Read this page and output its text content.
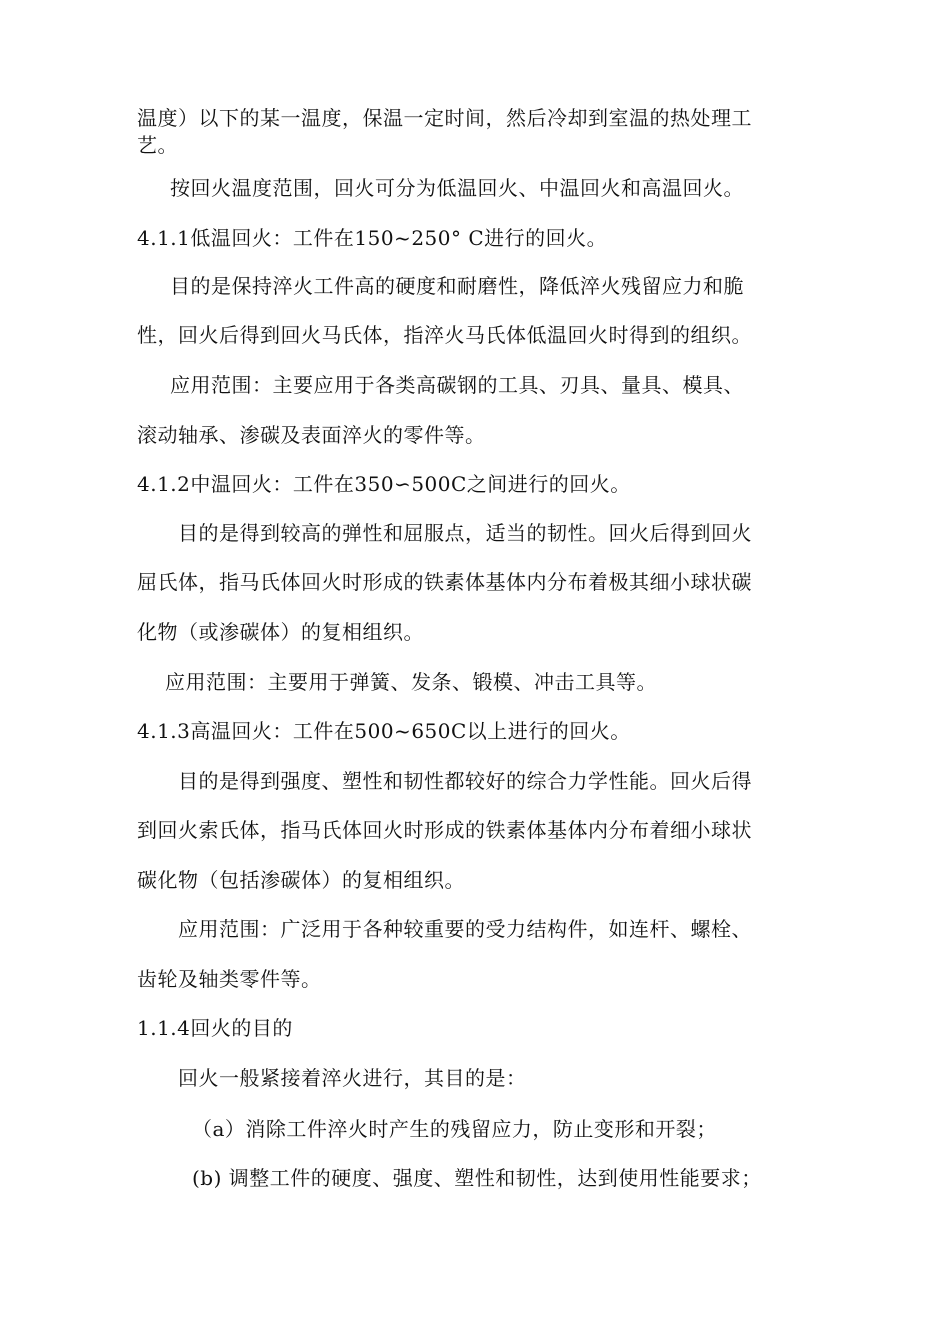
温度）以下的某一温度，保温一定时间，然后冷却到室温的热处理工
艺。
按回火温度范围，回火可分为低温回火、中温回火和高温回火。
4.1.1低温回火：工件在150~250° C进行的回火。
目的是保持淬火工件高的硬度和耐磨性，降低淬火残留应力和脆
性，回火后得到回火马氏体，指淬火马氏体低温回火时得到的组织。
应用范围：主要应用于各类高碳钢的工具、刃具、量具、模具、
滚动轴承、渗碳及表面淬火的零件等。
4.1.2中温回火：工件在350∽500C之间进行的回火。
目的是得到较高的弹性和屈服点，适当的韧性。回火后得到回火
屈氏体，指马氏体回火时形成的铁素体基体内分布着极其细小球状碳
化物（或渗碳体）的复相组织。
应用范围：主要用于弹簧、发条、锻模、冲击工具等。
4.1.3高温回火：工件在500~650C以上进行的回火。
目的是得到强度、塑性和韧性都较好的综合力学性能。回火后得
到回火索氏体，指马氏体回火时形成的铁素体基体内分布着细小球状
碳化物（包括渗碳体）的复相组织。
应用范围：广泛用于各种较重要的受力结构件，如连杆、螺栓、
齿轮及轴类零件等。
1.1.4回火的目的
回火一般紧接着淬火进行，其目的是：
（a）消除工件淬火时产生的残留应力，防止变形和开裂；
(b) 调整工件的硬度、强度、塑性和韧性，达到使用性能要求；
